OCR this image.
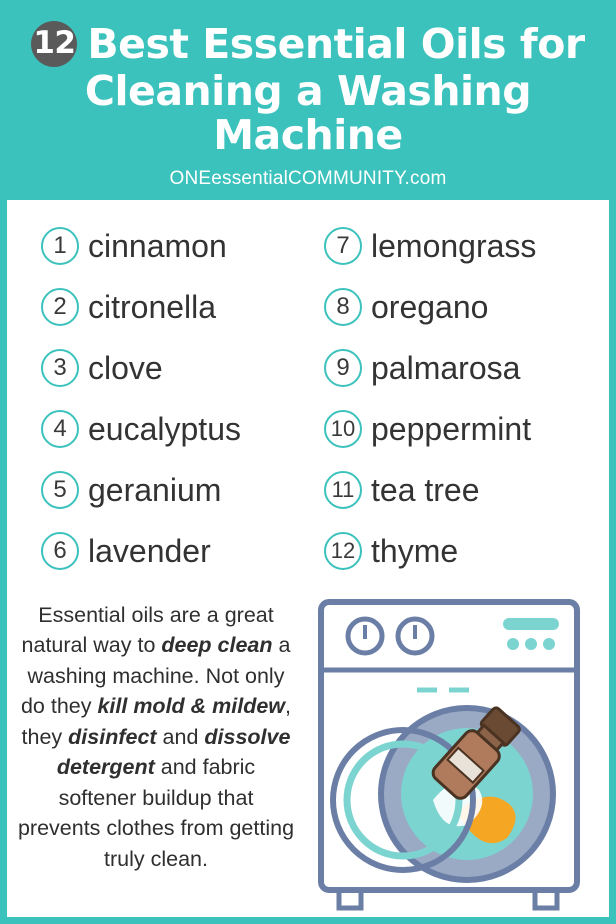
12 Best Essential Oils for
Cleaning a Washing Machine
ONEessentialCOMMUNITY.com
1 cinnamon
2 citronella
3 clove
4 eucalyptus
5 geranium
6 lavender
7 lemongrass
8 oregano
9 palmarosa
10 peppermint
11 tea tree
12 thyme
Essential oils are a great natural way to deep clean a washing machine. Not only do they kill mold & mildew, they disinfect and dissolve detergent and fabric softener buildup that prevents clothes from getting truly clean.
